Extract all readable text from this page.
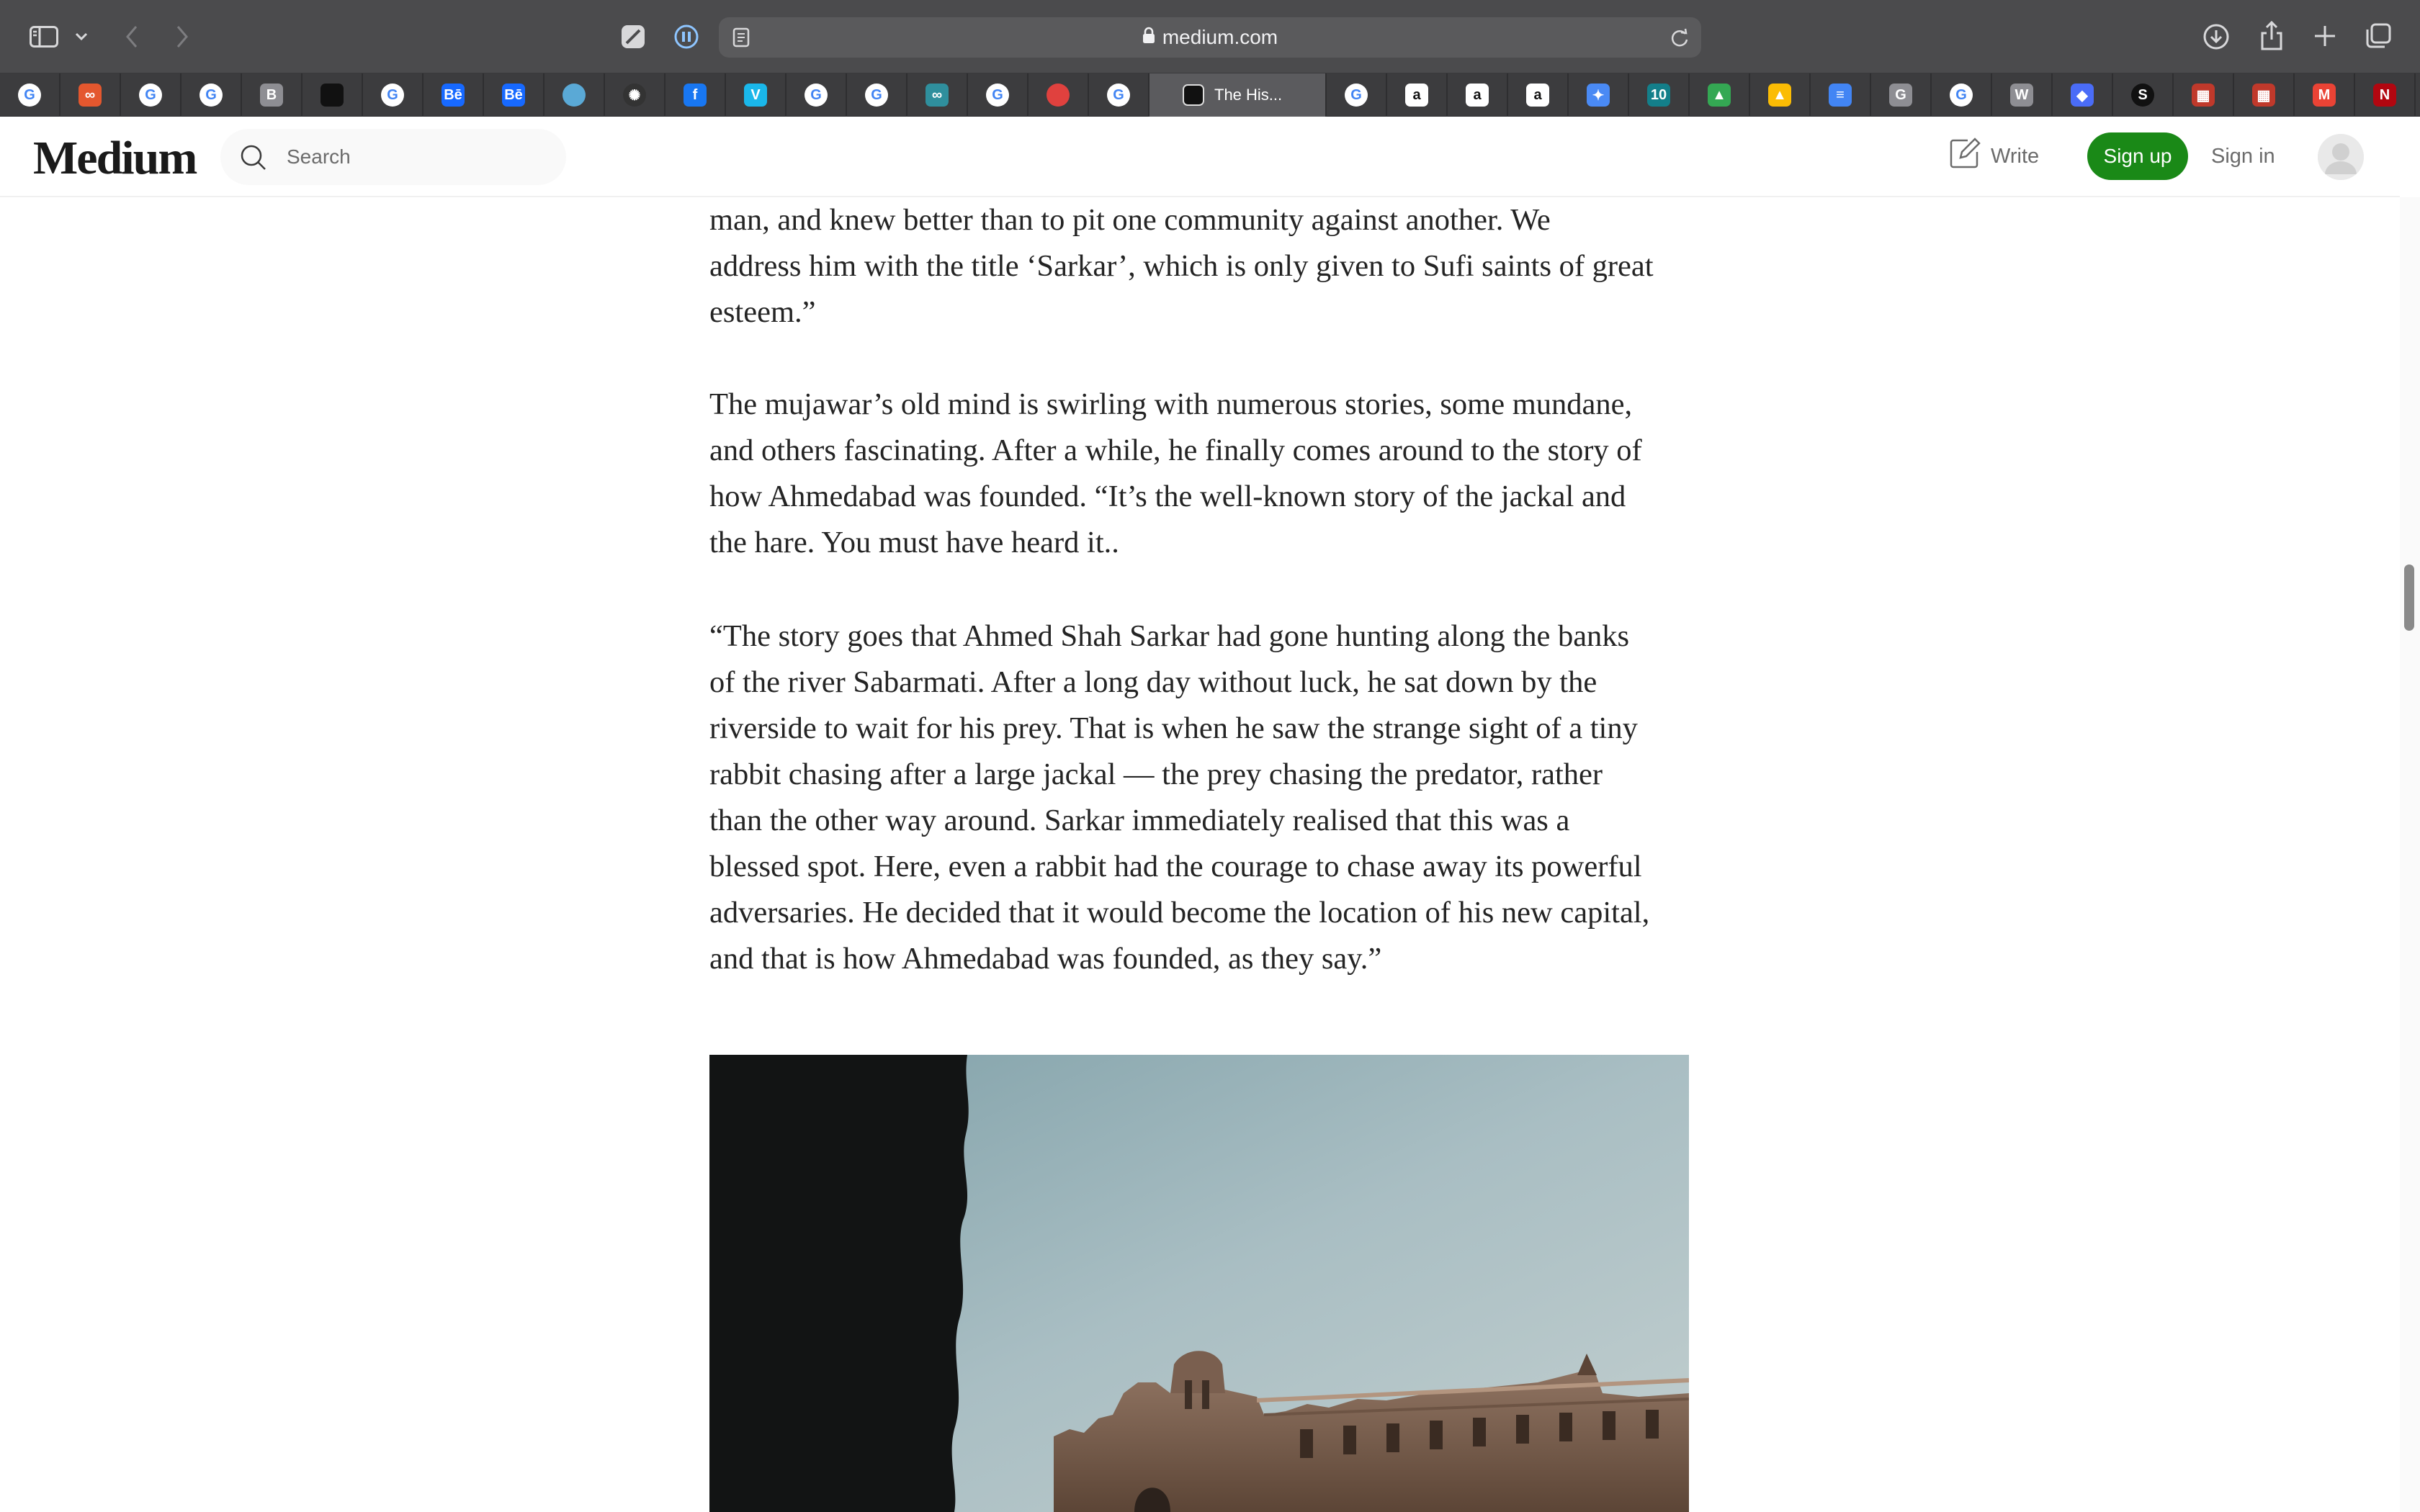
medium.com
G	∞	G	G	B	G	Bē	Bē	✺	f	V	G	G	∞	G	G	The His...	G	a	a	a	✦	10	▲	▲	≡	G	G	W	◆	S	▦	▦	M	N
Medium
Search	Write	Sign up	Sign in

man, and knew better than to pit one community against another. We
address him with the title ‘Sarkar’, which is only given to Sufi saints of great
esteem.”

The mujawar’s old mind is swirling with numerous stories, some mundane,
and others fascinating. After a while, he finally comes around to the story of
how Ahmedabad was founded. “It’s the well-known story of the jackal and
the hare. You must have heard it..

“The story goes that Ahmed Shah Sarkar had gone hunting along the banks
of the river Sabarmati. After a long day without luck, he sat down by the
riverside to wait for his prey. That is when he saw the strange sight of a tiny
rabbit chasing after a large jackal — the prey chasing the predator, rather
than the other way around. Sarkar immediately realised that this was a
blessed spot. Here, even a rabbit had the courage to chase away its powerful
adversaries. He decided that it would become the location of his new capital,
and that is how Ahmedabad was founded, as they say.”
